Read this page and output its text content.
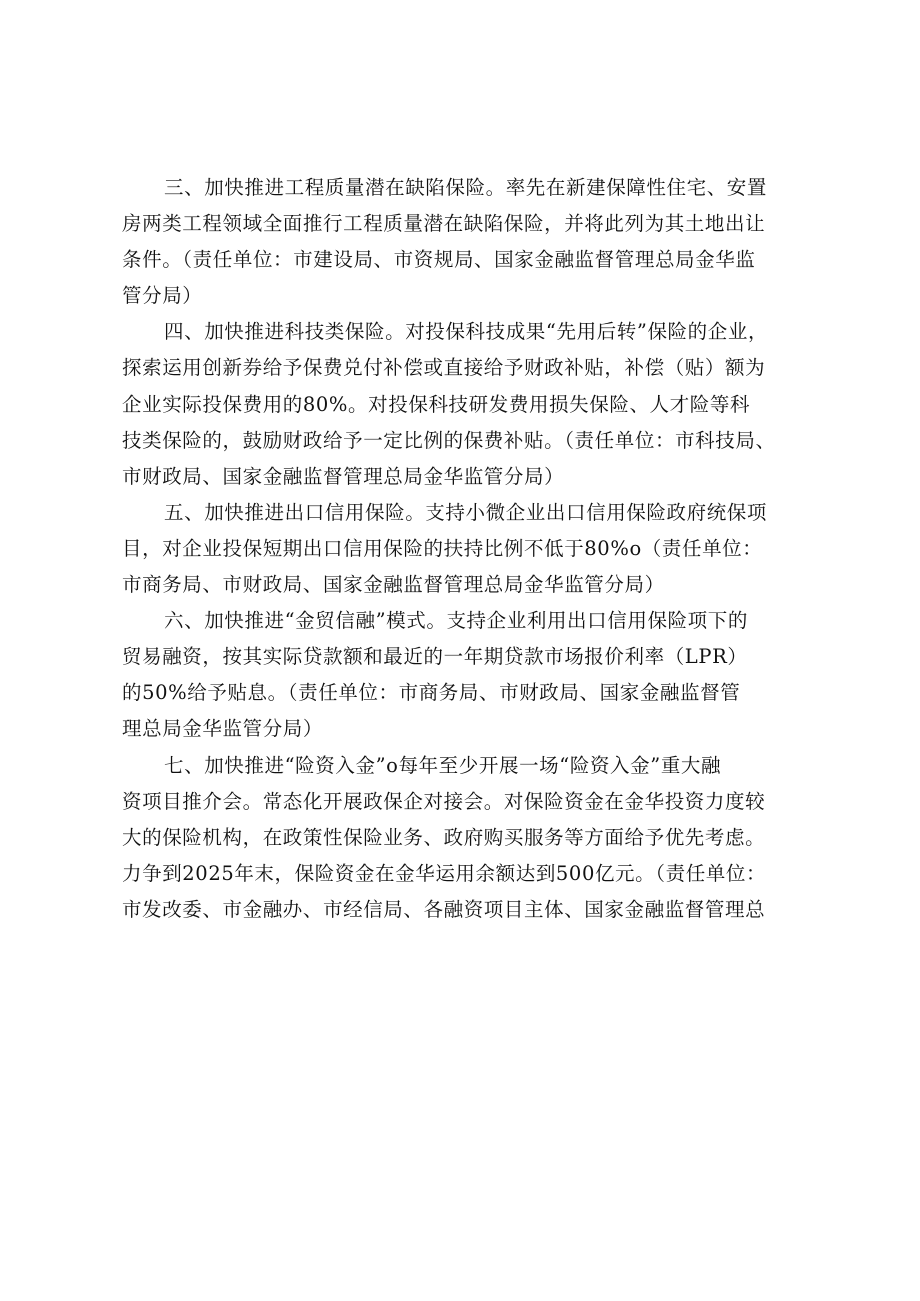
三、加快推进工程质量潜在缺陷保险。率先在新建保障性住宅、安置
房两类工程领域全面推行工程质量潜在缺陷保险，并将此列为其土地出让
条件。（责任单位：市建设局、市资规局、国家金融监督管理总局金华监
管分局）
四、加快推进科技类保险。对投保科技成果“先用后转”保险的企业，
探索运用创新券给予保费兑付补偿或直接给予财政补贴，补偿（贴）额为
企业实际投保费用的80%。对投保科技研发费用损失保险、人才险等科
技类保险的，鼓励财政给予一定比例的保费补贴。（责任单位：市科技局、
市财政局、国家金融监督管理总局金华监管分局）
五、加快推进出口信用保险。支持小微企业出口信用保险政府统保项
目，对企业投保短期出口信用保险的扶持比例不低于80%o（责任单位：
市商务局、市财政局、国家金融监督管理总局金华监管分局）
六、加快推进“金贸信融”模式。支持企业利用出口信用保险项下的
贸易融资，按其实际贷款额和最近的一年期贷款市场报价利率（LPR）
的50%给予贴息。（责任单位：市商务局、市财政局、国家金融监督管
理总局金华监管分局）
七、加快推进“险资入金”o每年至少开展一场“险资入金”重大融
资项目推介会。常态化开展政保企对接会。对保险资金在金华投资力度较
大的保险机构，在政策性保险业务、政府购买服务等方面给予优先考虑。
力争到2025年末，保险资金在金华运用余额达到500亿元。（责任单位：
市发改委、市金融办、市经信局、各融资项目主体、国家金融监督管理总
